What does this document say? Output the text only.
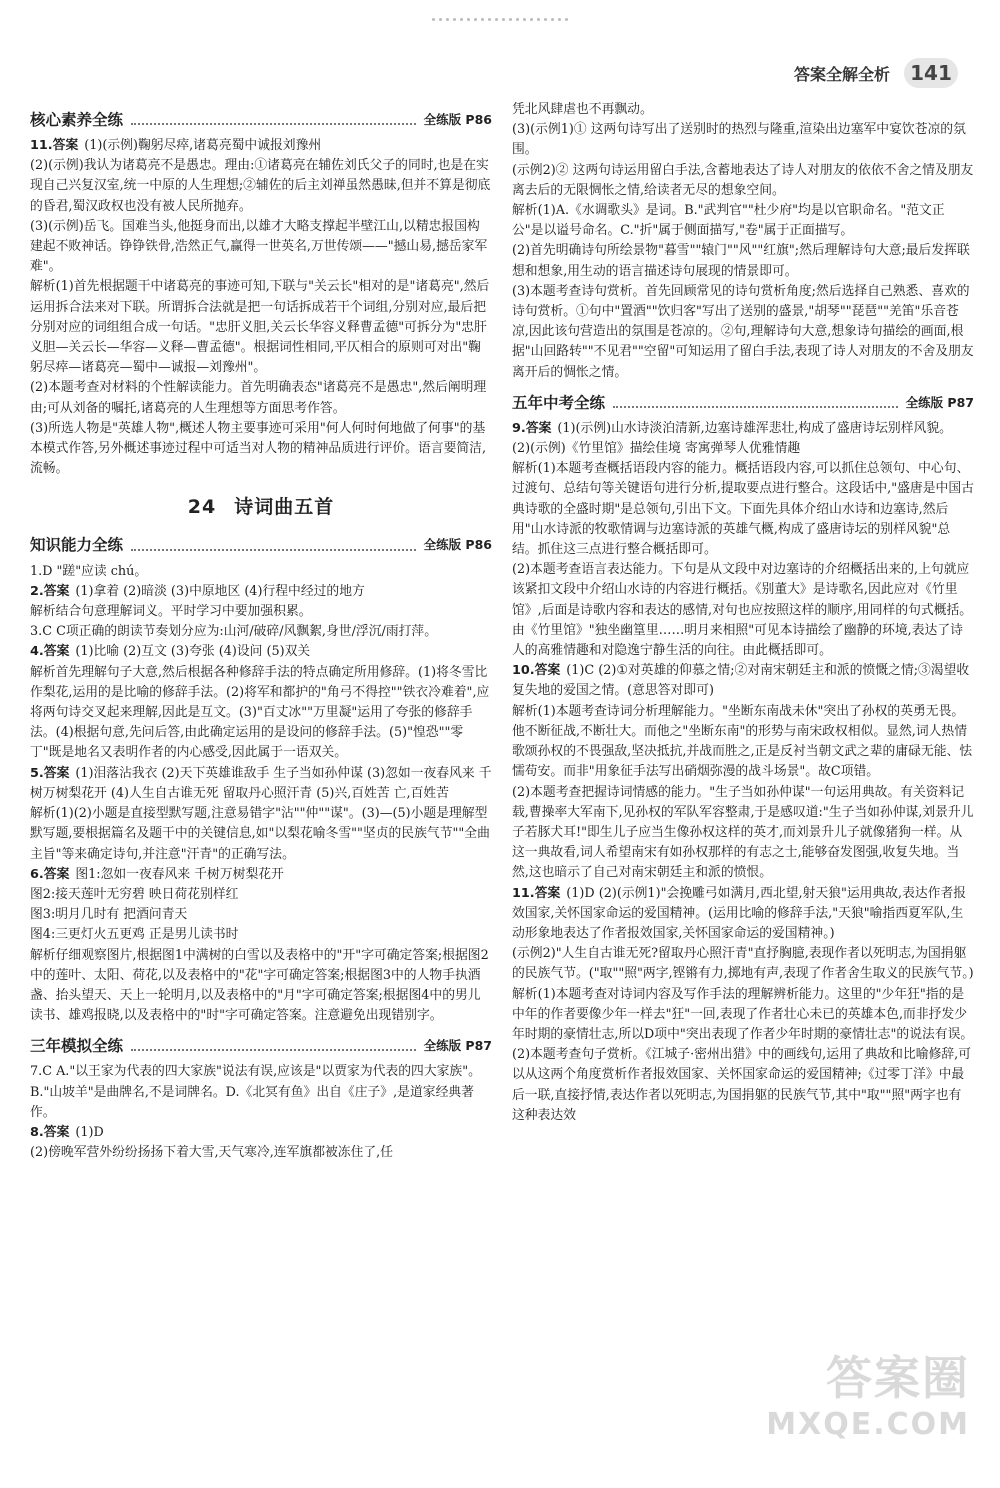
答案全解全析	141
核心素养全练	全练版 P86

11.答案 (1)(示例)鞠躬尽瘁,诸葛亮蜀中诚报刘豫州

(2)(示例)我认为诸葛亮不是愚忠。理由:①诸葛亮在辅佐刘氏父子的同时,也是在实现自己兴复汉室,统一中原的人生理想;②辅佐的后主刘禅虽然愚昧,但并不算是彻底的昏君,蜀汉政权也没有被人民所抛弃。

(3)(示例)岳飞。国难当头,他挺身而出,以雄才大略支撑起半壁江山,以精忠报国构建起不败神话。铮铮铁骨,浩然正气,赢得一世英名,万世传颂——"撼山易,撼岳家军难"。

解析(1)首先根据题干中诸葛亮的事迹可知,下联与"关云长"相对的是"诸葛亮",然后运用拆合法来对下联。所谓拆合法就是把一句话拆成若干个词组,分别对应,最后把分别对应的词组组合成一句话。"忠肝义胆,关云长华容义释曹孟德"可拆分为"忠肝义胆—关云长—华容—义释—曹孟德"。根据词性相同,平仄相合的原则可对出"鞠躬尽瘁—诸葛亮—蜀中—诚报—刘豫州"。

(2)本题考查对材料的个性解读能力。首先明确表态"诸葛亮不是愚忠",然后阐明理由;可从刘备的嘱托,诸葛亮的人生理想等方面思考作答。

(3)所选人物是"英雄人物",概述人物主要事迹可采用"何人何时何地做了何事"的基本模式作答,另外概述事迹过程中可适当对人物的精神品质进行评价。语言要简洁,流畅。

24 诗词曲五首
知识能力全练	全练版 P86

1.D "蹉"应读 chú。

2.答案 (1)拿着 (2)暗淡 (3)中原地区 (4)行程中经过的地方

解析结合句意理解词义。平时学习中要加强积累。

3.C C项正确的朗读节奏划分应为:山河/破碎/风飘絮,身世/浮沉/雨打萍。

4.答案 (1)比喻 (2)互文 (3)夸张 (4)设问 (5)双关

解析首先理解句子大意,然后根据各种修辞手法的特点确定所用修辞。(1)将冬雪比作梨花,运用的是比喻的修辞手法。(2)将军和都护的"角弓不得控""铁衣冷难着",应将两句诗交叉起来理解,因此是互文。(3)"百丈冰""万里凝"运用了夸张的修辞手法。(4)根据句意,先问后答,由此确定运用的是设问的修辞手法。(5)"惶恐""零丁"既是地名又表明作者的内心感受,因此属于一语双关。

5.答案 (1)泪落沾我衣 (2)天下英雄谁敌手 生子当如孙仲谋 (3)忽如一夜春风来 千树万树梨花开 (4)人生自古谁无死 留取丹心照汗青 (5)兴,百姓苦 亡,百姓苦

解析(1)(2)小题是直接型默写题,注意易错字"沾""仲""谋"。(3)—(5)小题是理解型默写题,要根据篇名及题干中的关键信息,如"以梨花喻冬雪""坚贞的民族气节""全曲主旨"等来确定诗句,并注意"汗青"的正确写法。

6.答案 图1:忽如一夜春风来 千树万树梨花开

图2:接天莲叶无穷碧 映日荷花别样红

图3:明月几时有 把酒问青天

图4:三更灯火五更鸡 正是男儿读书时

解析仔细观察图片,根据图1中满树的白雪以及表格中的"开"字可确定答案;根据图2中的莲叶、太阳、荷花,以及表格中的"花"字可确定答案;根据图3中的人物手执酒盏、抬头望天、天上一轮明月,以及表格中的"月"字可确定答案;根据图4中的男儿读书、雄鸡报晓,以及表格中的"时"字可确定答案。注意避免出现错别字。

三年模拟全练	全练版 P87

7.C A."以王家为代表的四大家族"说法有误,应该是"以贾家为代表的四大家族"。B."山坡羊"是曲牌名,不是词牌名。D.《北冥有鱼》出自《庄子》,是道家经典著作。

8.答案 (1)D

(2)傍晚军营外纷纷扬扬下着大雪,天气寒冷,连军旗都被冻住了,任

凭北风肆虐也不再飘动。

(3)(示例1)① 这两句诗写出了送别时的热烈与隆重,渲染出边塞军中宴饮苍凉的氛围。

(示例2)② 这两句诗运用留白手法,含蓄地表达了诗人对朋友的依依不舍之情及朋友离去后的无限惆怅之情,给读者无尽的想象空间。

解析(1)A.《水调歌头》是词。B."武判官""杜少府"均是以官职命名。"范文正公"是以谥号命名。C."折"属于侧面描写,"卷"属于正面描写。

(2)首先明确诗句所绘景物"暮雪""辕门""风""红旗";然后理解诗句大意;最后发挥联想和想象,用生动的语言描述诗句展现的情景即可。

(3)本题考查诗句赏析。首先回顾常见的诗句赏析角度;然后选择自己熟悉、喜欢的诗句赏析。①句中"置酒""饮归客"写出了送别的盛景,"胡琴""琵琶""羌笛"乐音苍凉,因此该句营造出的氛围是苍凉的。②句,理解诗句大意,想象诗句描绘的画面,根据"山回路转""不见君""空留"可知运用了留白手法,表现了诗人对朋友的不舍及朋友离开后的惆怅之情。

五年中考全练	全练版 P87

9.答案 (1)(示例)山水诗淡泊清新,边塞诗雄浑悲壮,构成了盛唐诗坛别样风貌。

(2)(示例)《竹里馆》描绘佳境 寄寓弹琴人优雅情趣

解析(1)本题考查概括语段内容的能力。概括语段内容,可以抓住总领句、中心句、过渡句、总结句等关键语句进行分析,提取要点进行整合。这段话中,"盛唐是中国古典诗歌的全盛时期"是总领句,引出下文。下面先具体介绍山水诗和边塞诗,然后用"山水诗派的牧歌情调与边塞诗派的英雄气概,构成了盛唐诗坛的别样风貌"总结。抓住这三点进行整合概括即可。

(2)本题考查语言表达能力。下句是从文段中对边塞诗的介绍概括出来的,上句就应该紧扣文段中介绍山水诗的内容进行概括。《别董大》是诗歌名,因此应对《竹里馆》,后面是诗歌内容和表达的感情,对句也应按照这样的顺序,用同样的句式概括。由《竹里馆》"独坐幽篁里……明月来相照"可见本诗描绘了幽静的环境,表达了诗人的高雅情趣和对隐逸宁静生活的向往。由此概括即可。

10.答案 (1)C (2)①对英雄的仰慕之情;②对南宋朝廷主和派的愤慨之情;③渴望收复失地的爱国之情。(意思答对即可)

解析(1)本题考查诗词分析理解能力。"坐断东南战未休"突出了孙权的英勇无畏。他不断征战,不断壮大。而他之"坐断东南"的形势与南宋政权相似。显然,词人热情歌颂孙权的不畏强敌,坚决抵抗,并战而胜之,正是反衬当朝文武之辈的庸碌无能、怯懦苟安。而非"用象征手法写出硝烟弥漫的战斗场景"。故C项错。

(2)本题考查把握诗词情感的能力。"生子当如孙仲谋"一句运用典故。有关资料记载,曹操率大军南下,见孙权的军队军容整肃,于是感叹道:"生子当如孙仲谋,刘景升儿子若豚犬耳!"即生儿子应当生像孙权这样的英才,而刘景升儿子就像猪狗一样。从这一典故看,词人希望南宋有如孙权那样的有志之士,能够奋发图强,收复失地。当然,这也暗示了自己对南宋朝廷主和派的愤恨。

11.答案 (1)D (2)(示例1)"会挽雕弓如满月,西北望,射天狼"运用典故,表达作者报效国家,关怀国家命运的爱国精神。(运用比喻的修辞手法,"天狼"喻指西夏军队,生动形象地表达了作者报效国家,关怀国家命运的爱国精神。)

(示例2)"人生自古谁无死?留取丹心照汗青"直抒胸臆,表现作者以死明志,为国捐躯的民族气节。("取""照"两字,铿锵有力,掷地有声,表现了作者舍生取义的民族气节。)

解析(1)本题考查对诗词内容及写作手法的理解辨析能力。这里的"少年狂"指的是中年的作者要像少年一样去"狂"一回,表现了作者壮心未已的英雄本色,而非抒发少年时期的豪情壮志,所以D项中"突出表现了作者少年时期的豪情壮志"的说法有误。

(2)本题考查句子赏析。《江城子·密州出猎》中的画线句,运用了典故和比喻修辞,可以从这两个角度赏析作者报效国家、关怀国家命运的爱国精神;《过零丁洋》中最后一联,直接抒情,表达作者以死明志,为国捐躯的民族气节,其中"取""照"两字也有这种表达效

答案圈
MXQE.COM
